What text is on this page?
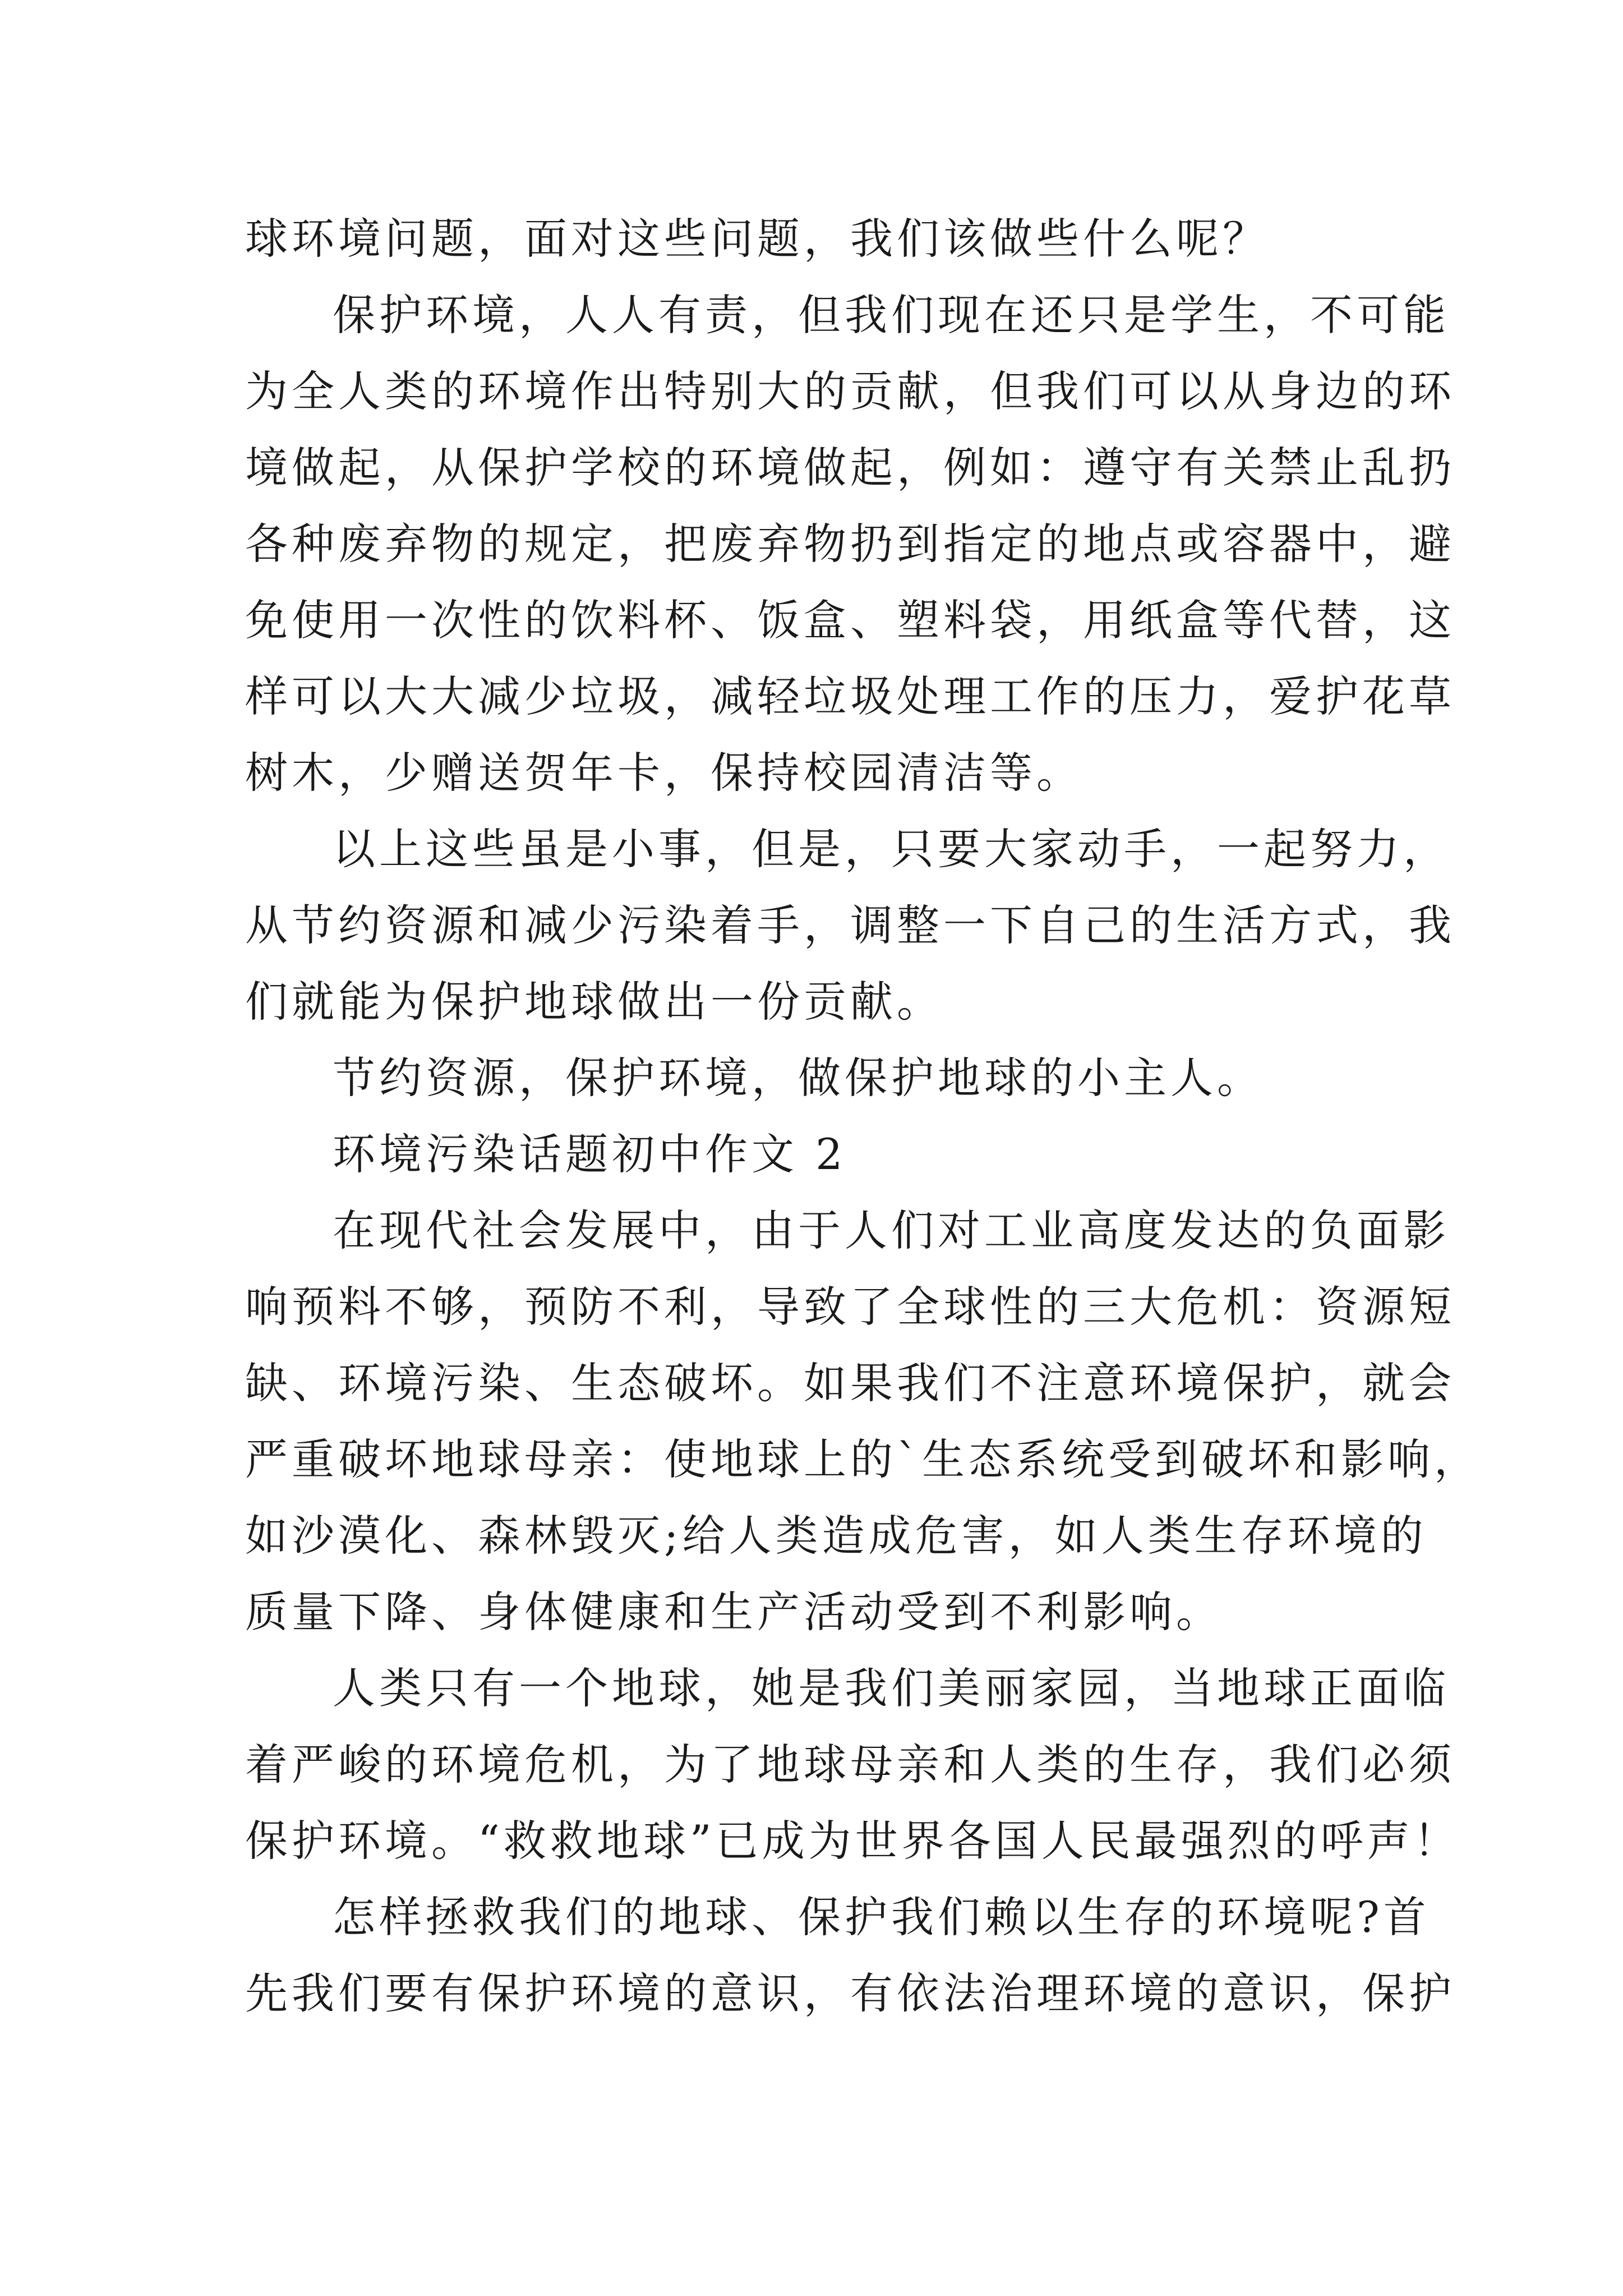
球环境问题，面对这些问题，我们该做些什么呢？
保护环境，人人有责，但我们现在还只是学生，不可能
为全人类的环境作出特别大的贡献，但我们可以从身边的环
境做起，从保护学校的环境做起，例如：遵守有关禁止乱扔
各种废弃物的规定，把废弃物扔到指定的地点或容器中，避
免使用一次性的饮料杯、饭盒、塑料袋，用纸盒等代替，这
样可以大大减少垃圾，减轻垃圾处理工作的压力，爱护花草
树木，少赠送贺年卡，保持校园清洁等。
以上这些虽是小事，但是，只要大家动手，一起努力，
从节约资源和减少污染着手，调整一下自己的生活方式，我
们就能为保护地球做出一份贡献。
节约资源，保护环境，做保护地球的小主人。
环境污染话题初中作文 2
在现代社会发展中，由于人们对工业高度发达的负面影
响预料不够，预防不利，导致了全球性的三大危机：资源短
缺、环境污染、生态破坏。如果我们不注意环境保护，就会
严重破坏地球母亲：使地球上的`生态系统受到破坏和影响，
如沙漠化、森林毁灭;给人类造成危害，如人类生存环境的
质量下降、身体健康和生产活动受到不利影响。
人类只有一个地球，她是我们美丽家园，当地球正面临
着严峻的环境危机，为了地球母亲和人类的生存，我们必须
保护环境。“救救地球”已成为世界各国人民最强烈的呼声！
怎样拯救我们的地球、保护我们赖以生存的环境呢?首
先我们要有保护环境的意识，有依法治理环境的意识，保护
